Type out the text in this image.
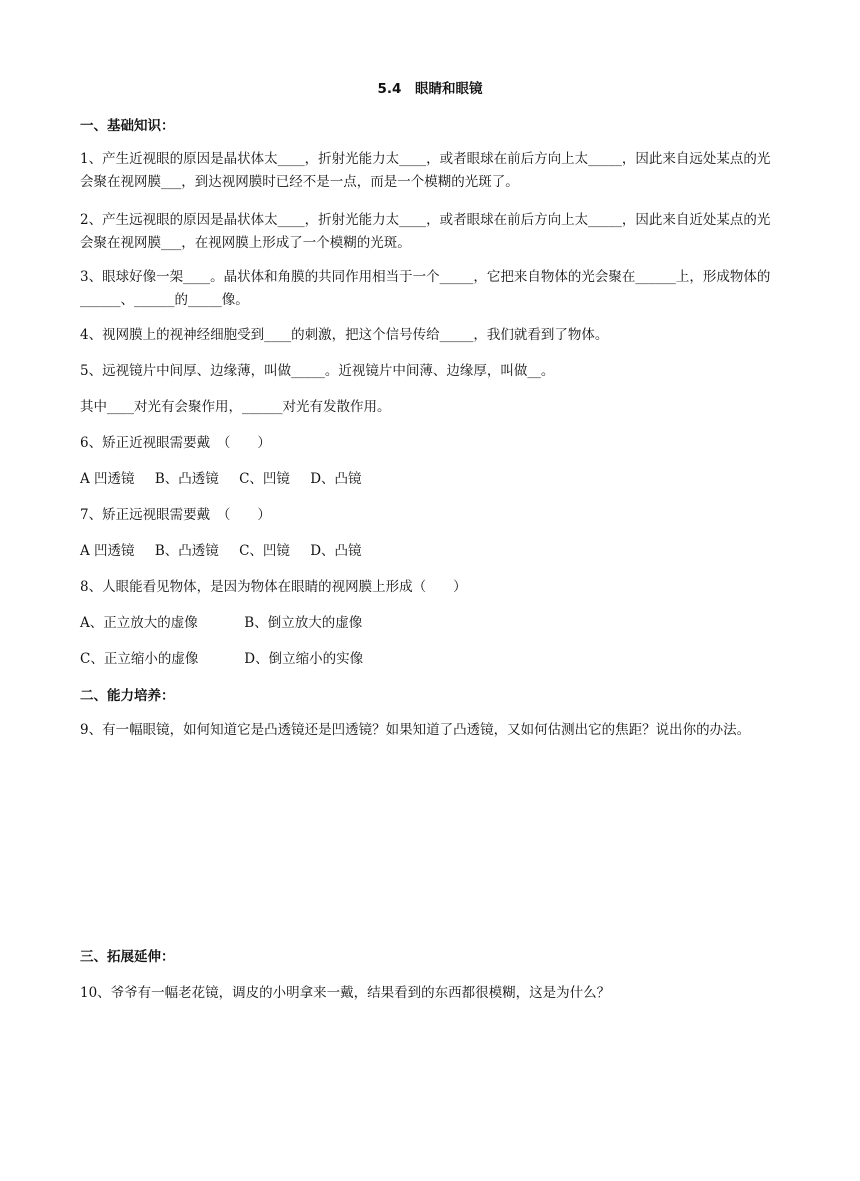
5.4　眼睛和眼镜
一、基础知识：
1、产生近视眼的原因是晶状体太____，折射光能力太____，或者眼球在前后方向上太_____，因此来自远处某点的光会聚在视网膜___，到达视网膜时已经不是一点，而是一个模糊的光斑了。
2、产生远视眼的原因是晶状体太____，折射光能力太____，或者眼球在前后方向上太_____，因此来自近处某点的光会聚在视网膜___，在视网膜上形成了一个模糊的光斑。
3、眼球好像一架____。晶状体和角膜的共同作用相当于一个_____，它把来自物体的光会聚在______上，形成物体的______、______的_____像。
4、视网膜上的视神经细胞受到____的刺激，把这个信号传给_____，我们就看到了物体。
5、远视镜片中间厚、边缘薄，叫做_____。近视镜片中间薄、边缘厚，叫做__。
其中____对光有会聚作用，______对光有发散作用。
6、矫正近视眼需要戴　（　　）
A 凹透镜 B、凸透镜 C、凹镜 D、凸镜
7、矫正远视眼需要戴　（　　）
A 凹透镜 B、凸透镜 C、凹镜 D、凸镜
8、人眼能看见物体，是因为物体在眼睛的视网膜上形成（　　）
A、正立放大的虚像	B、倒立放大的虚像
C、正立缩小的虚像	D、倒立缩小的实像
二、能力培养：
9、有一幅眼镜，如何知道它是凸透镜还是凹透镜？如果知道了凸透镜，又如何估测出它的焦距？说出你的办法。
三、拓展延伸：
10、爷爷有一幅老花镜，调皮的小明拿来一戴，结果看到的东西都很模糊，这是为什么？
